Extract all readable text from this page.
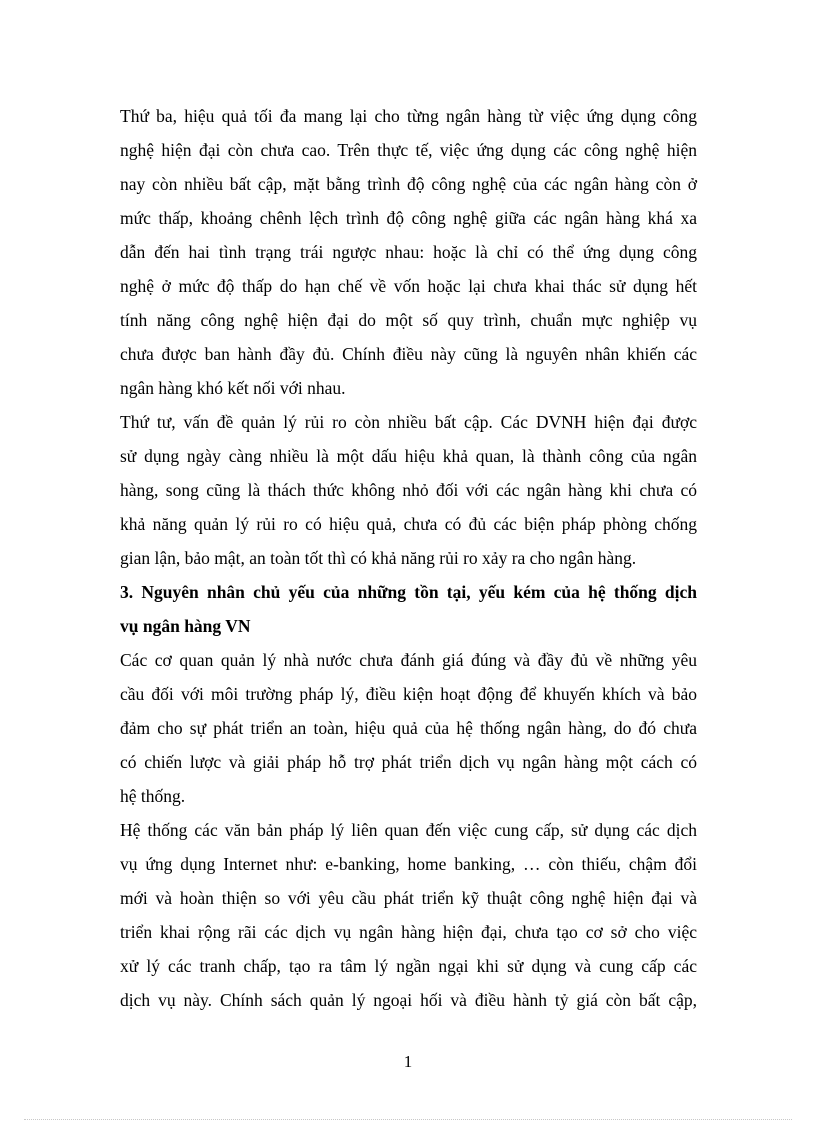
Thứ ba, hiệu quả tối đa mang lại cho từng ngân hàng từ việc ứng dụng công
nghệ hiện đại còn chưa cao. Trên thực tế, việc ứng dụng các công nghệ hiện
nay còn nhiều bất cập, mặt bằng trình độ công nghệ của các ngân hàng còn ở
mức thấp, khoảng chênh lệch trình độ công nghệ giữa các ngân hàng khá xa
dẫn đến hai tình trạng trái ngược nhau: hoặc là chỉ có thể ứng dụng công
nghệ ở mức độ thấp do hạn chế về vốn hoặc lại chưa khai thác sử dụng hết
tính năng công nghệ hiện đại do một số quy trình, chuẩn mực nghiệp vụ
chưa được ban hành đầy đủ. Chính điều này cũng là nguyên nhân khiến các
ngân hàng khó kết nối với nhau.
Thứ tư, vấn đề quản lý rủi ro còn nhiều bất cập. Các DVNH hiện đại được
sử dụng ngày càng nhiều là một dấu hiệu khả quan, là thành công của ngân
hàng, song cũng là thách thức không nhỏ đối với các ngân hàng khi chưa có
khả năng quản lý rủi ro có hiệu quả, chưa có đủ các biện pháp phòng chống
gian lận, bảo mật, an toàn tốt thì có khả năng rủi ro xảy ra cho ngân hàng.
3. Nguyên nhân chủ yếu của những tồn tại, yếu kém của hệ thống dịch
vụ ngân hàng VN
Các cơ quan quản lý nhà nước chưa đánh giá đúng và đầy đủ về những yêu
cầu đối với môi trường pháp lý, điều kiện hoạt động để khuyến khích và bảo
đảm cho sự phát triển an toàn, hiệu quả của hệ thống ngân hàng, do đó chưa
có chiến lược và giải pháp hỗ trợ phát triển dịch vụ ngân hàng một cách có
hệ thống.
Hệ thống các văn bản pháp lý liên quan đến việc cung cấp, sử dụng các dịch
vụ ứng dụng Internet như: e-banking, home banking, … còn thiếu, chậm đổi
mới và hoàn thiện so với yêu cầu phát triển kỹ thuật công nghệ hiện đại và
triển khai rộng rãi các dịch vụ ngân hàng hiện đại, chưa tạo cơ sở cho việc
xử lý các tranh chấp, tạo ra tâm lý ngần ngại khi sử dụng và cung cấp các
dịch vụ này. Chính sách quản lý ngoại hối và điều hành tỷ giá còn bất cập,
1
